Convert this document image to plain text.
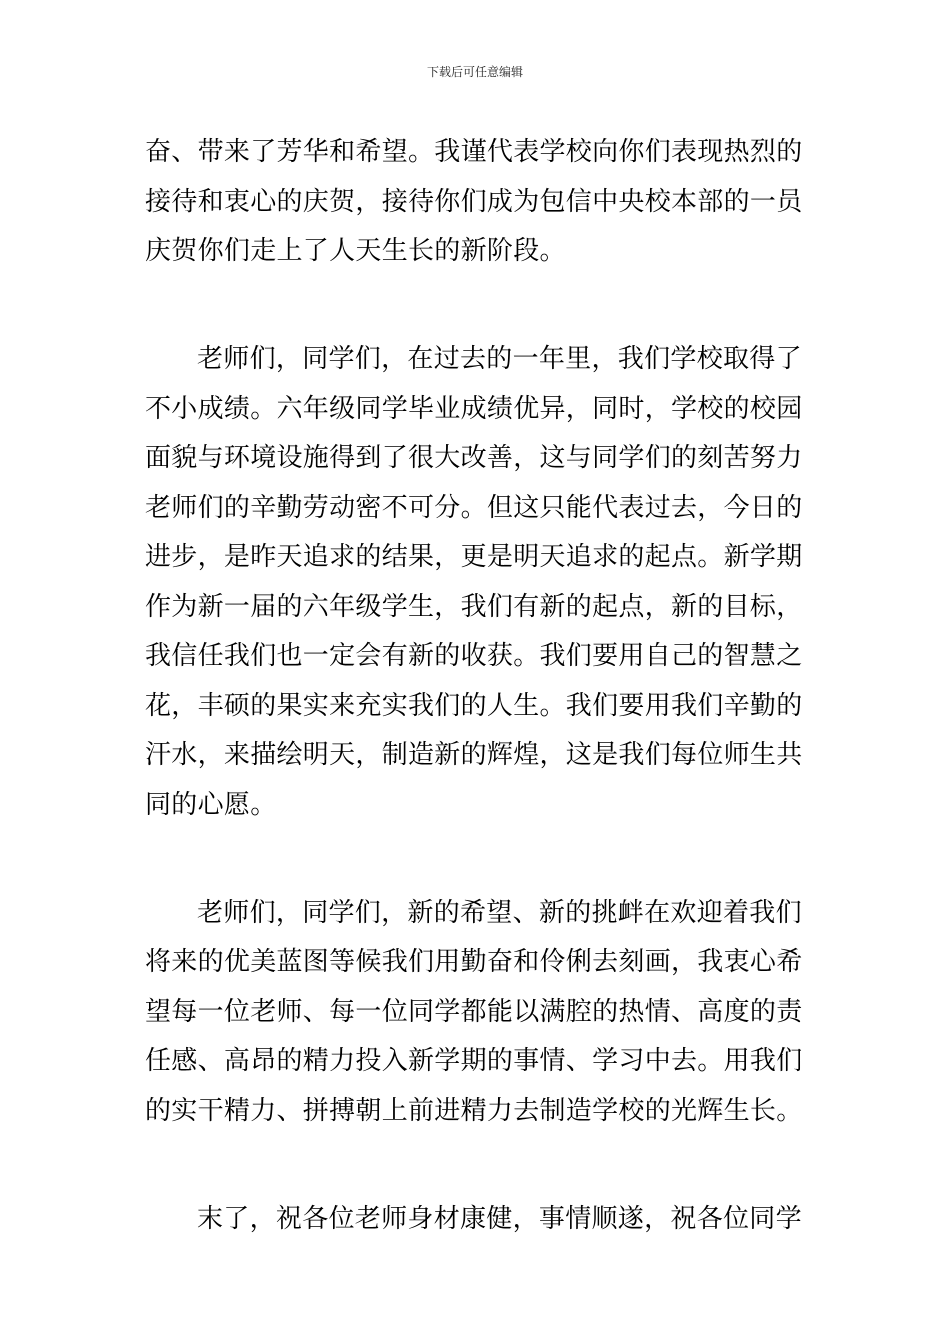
下载后可任意编辑
奋、带来了芳华和希望。我谨代表学校向你们表现热烈的
接待和衷心的庆贺，接待你们成为包信中央校本部的一员
庆贺你们走上了人天生长的新阶段。
老师们，同学们，在过去的一年里，我们学校取得了
不小成绩。六年级同学毕业成绩优异，同时，学校的校园
面貌与环境设施得到了很大改善，这与同学们的刻苦努力
老师们的辛勤劳动密不可分。但这只能代表过去，今日的
进步，是昨天追求的结果，更是明天追求的起点。新学期
作为新一届的六年级学生，我们有新的起点，新的目标，
我信任我们也一定会有新的收获。我们要用自己的智慧之
花，丰硕的果实来充实我们的人生。我们要用我们辛勤的
汗水，来描绘明天，制造新的辉煌，这是我们每位师生共
同的心愿。
老师们，同学们，新的希望、新的挑衅在欢迎着我们
将来的优美蓝图等候我们用勤奋和伶俐去刻画，我衷心希
望每一位老师、每一位同学都能以满腔的热情、高度的责
任感、高昂的精力投入新学期的事情、学习中去。用我们
的实干精力、拼搏朝上前进精力去制造学校的光辉生长。
末了，祝各位老师身材康健，事情顺遂，祝各位同学
